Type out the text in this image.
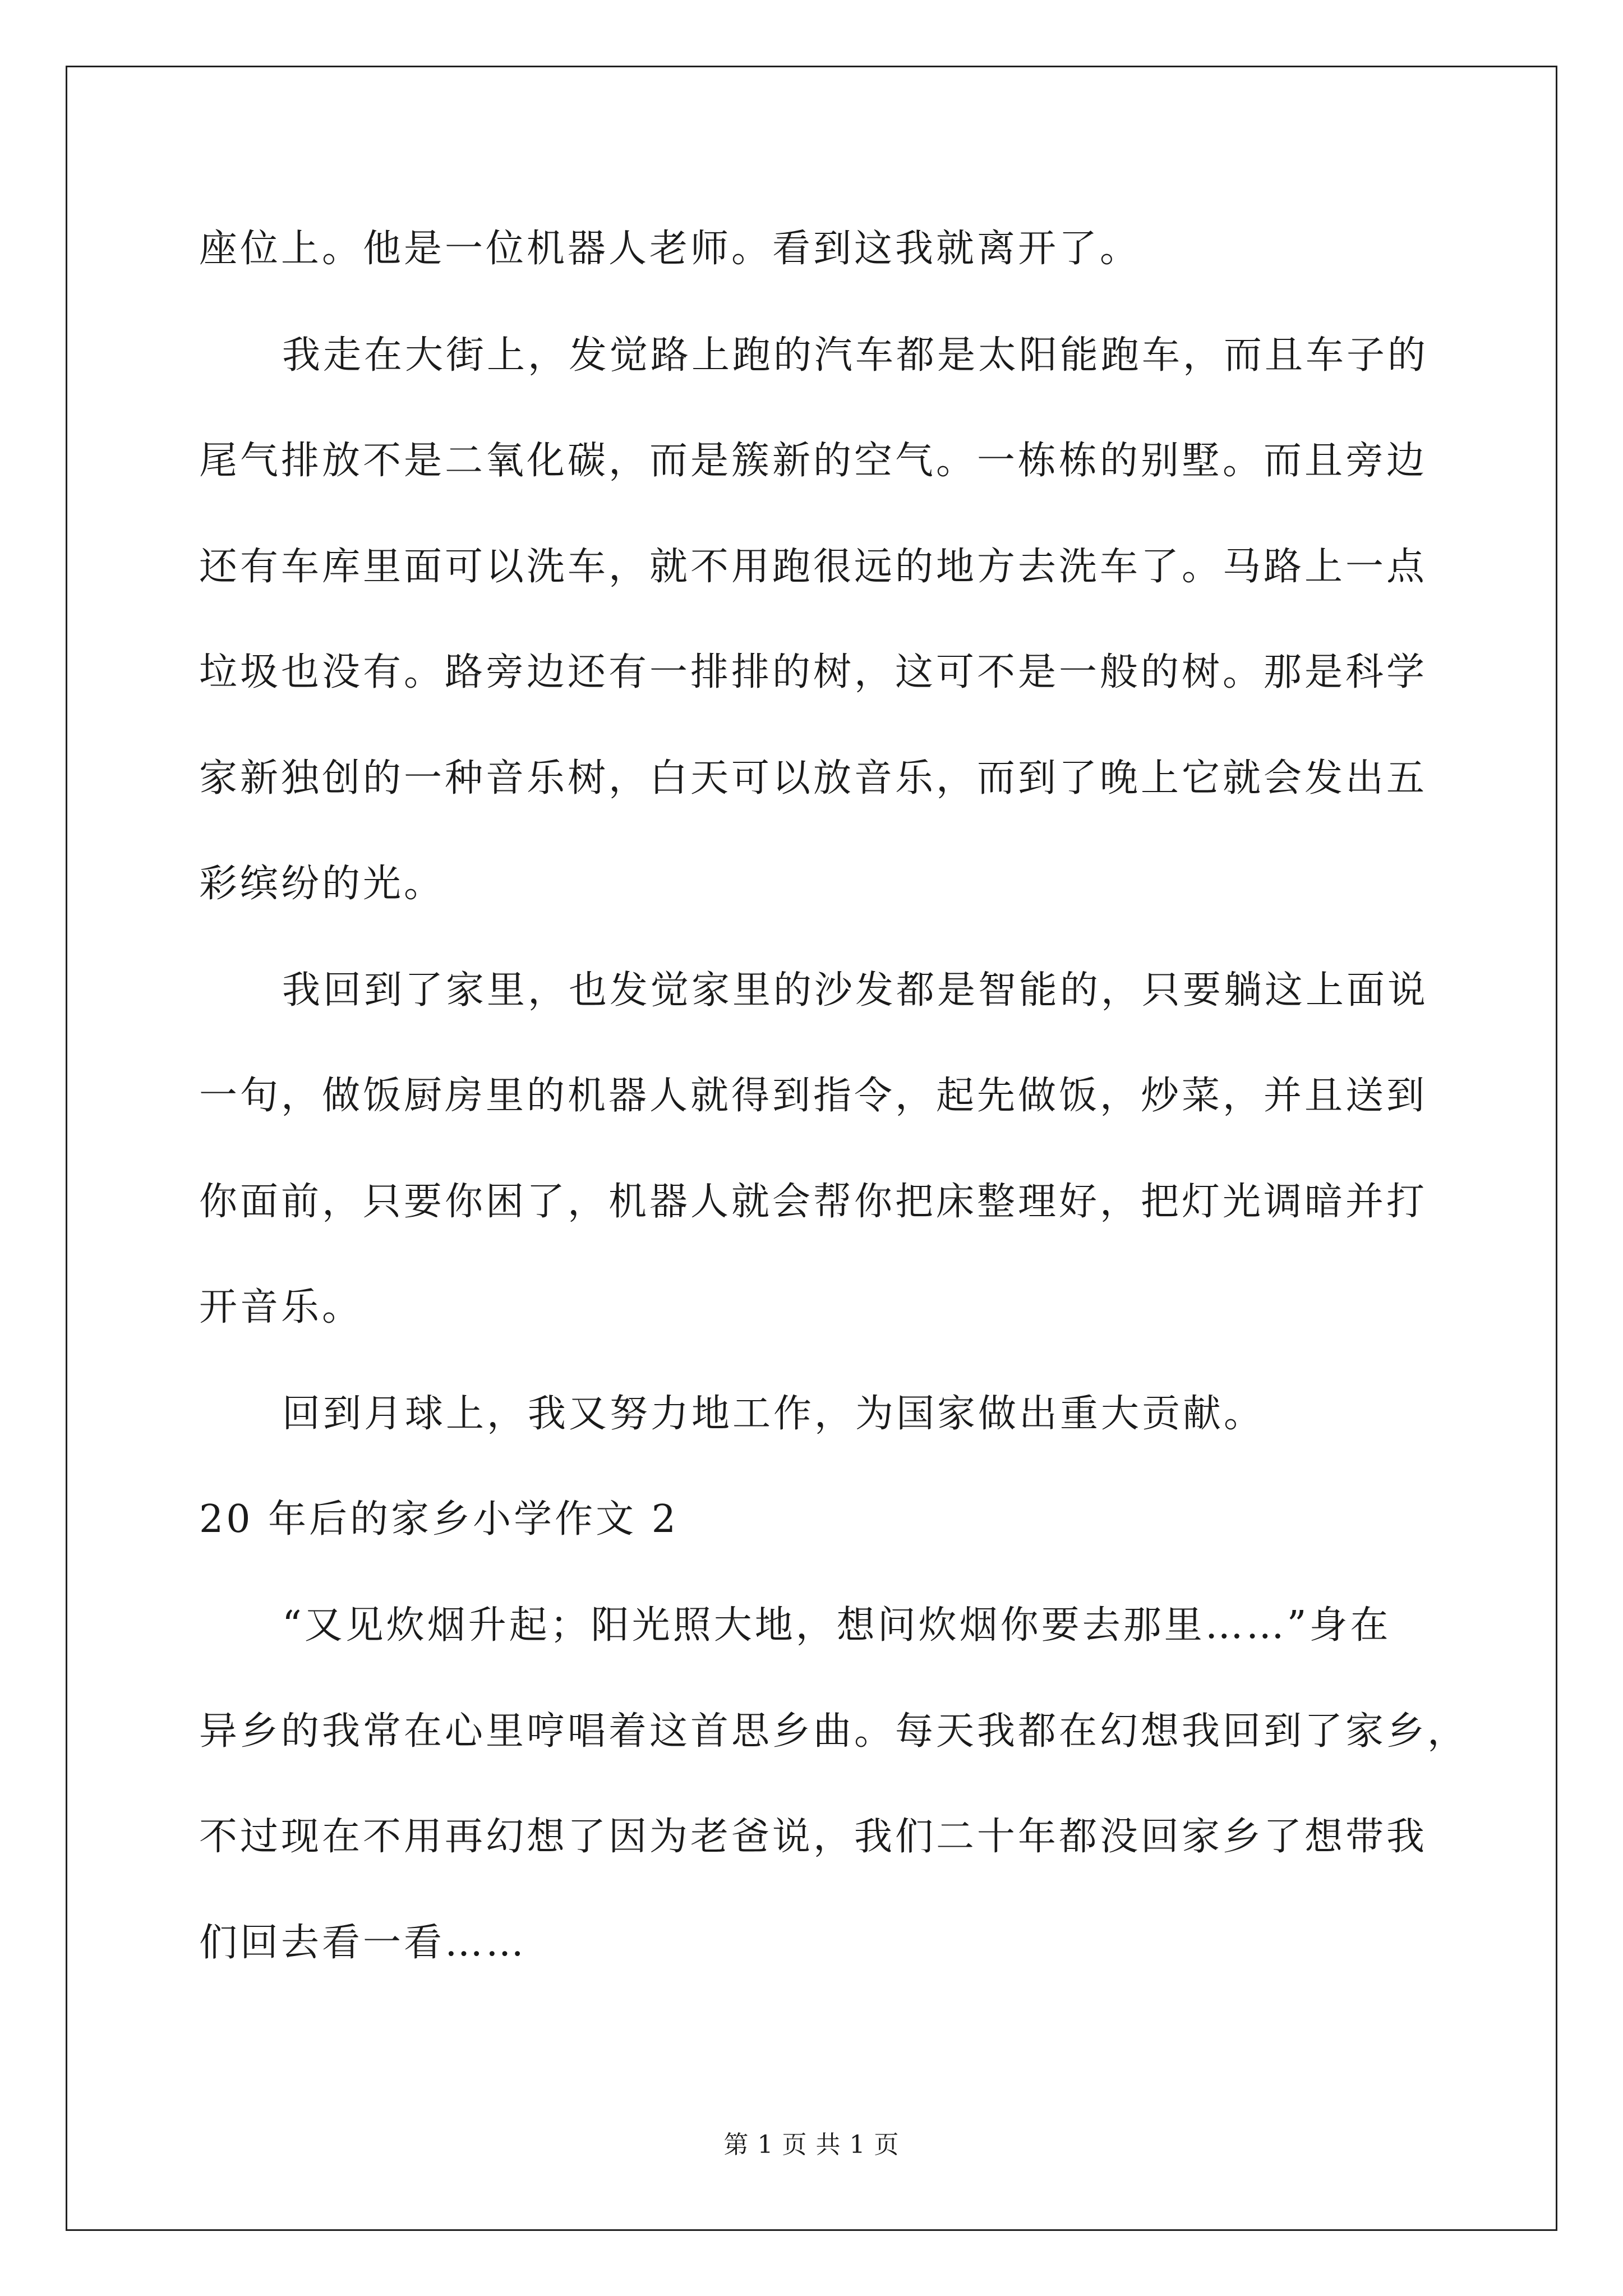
座位上。他是一位机器人老师。看到这我就离开了。
我走在大街上，发觉路上跑的汽车都是太阳能跑车，而且车子的
尾气排放不是二氧化碳，而是簇新的空气。一栋栋的别墅。而且旁边
还有车库里面可以洗车，就不用跑很远的地方去洗车了。马路上一点
垃圾也没有。路旁边还有一排排的树，这可不是一般的树。那是科学
家新独创的一种音乐树，白天可以放音乐，而到了晚上它就会发出五
彩缤纷的光。
我回到了家里，也发觉家里的沙发都是智能的，只要躺这上面说
一句，做饭厨房里的机器人就得到指令，起先做饭，炒菜，并且送到
你面前，只要你困了，机器人就会帮你把床整理好，把灯光调暗并打
开音乐。
回到月球上，我又努力地工作，为国家做出重大贡献。
20 年后的家乡小学作文 2
“又见炊烟升起；阳光照大地，想问炊烟你要去那里……”身在
异乡的我常在心里哼唱着这首思乡曲。每天我都在幻想我回到了家乡，
不过现在不用再幻想了因为老爸说，我们二十年都没回家乡了想带我
们回去看一看……
第 1 页 共 1 页
